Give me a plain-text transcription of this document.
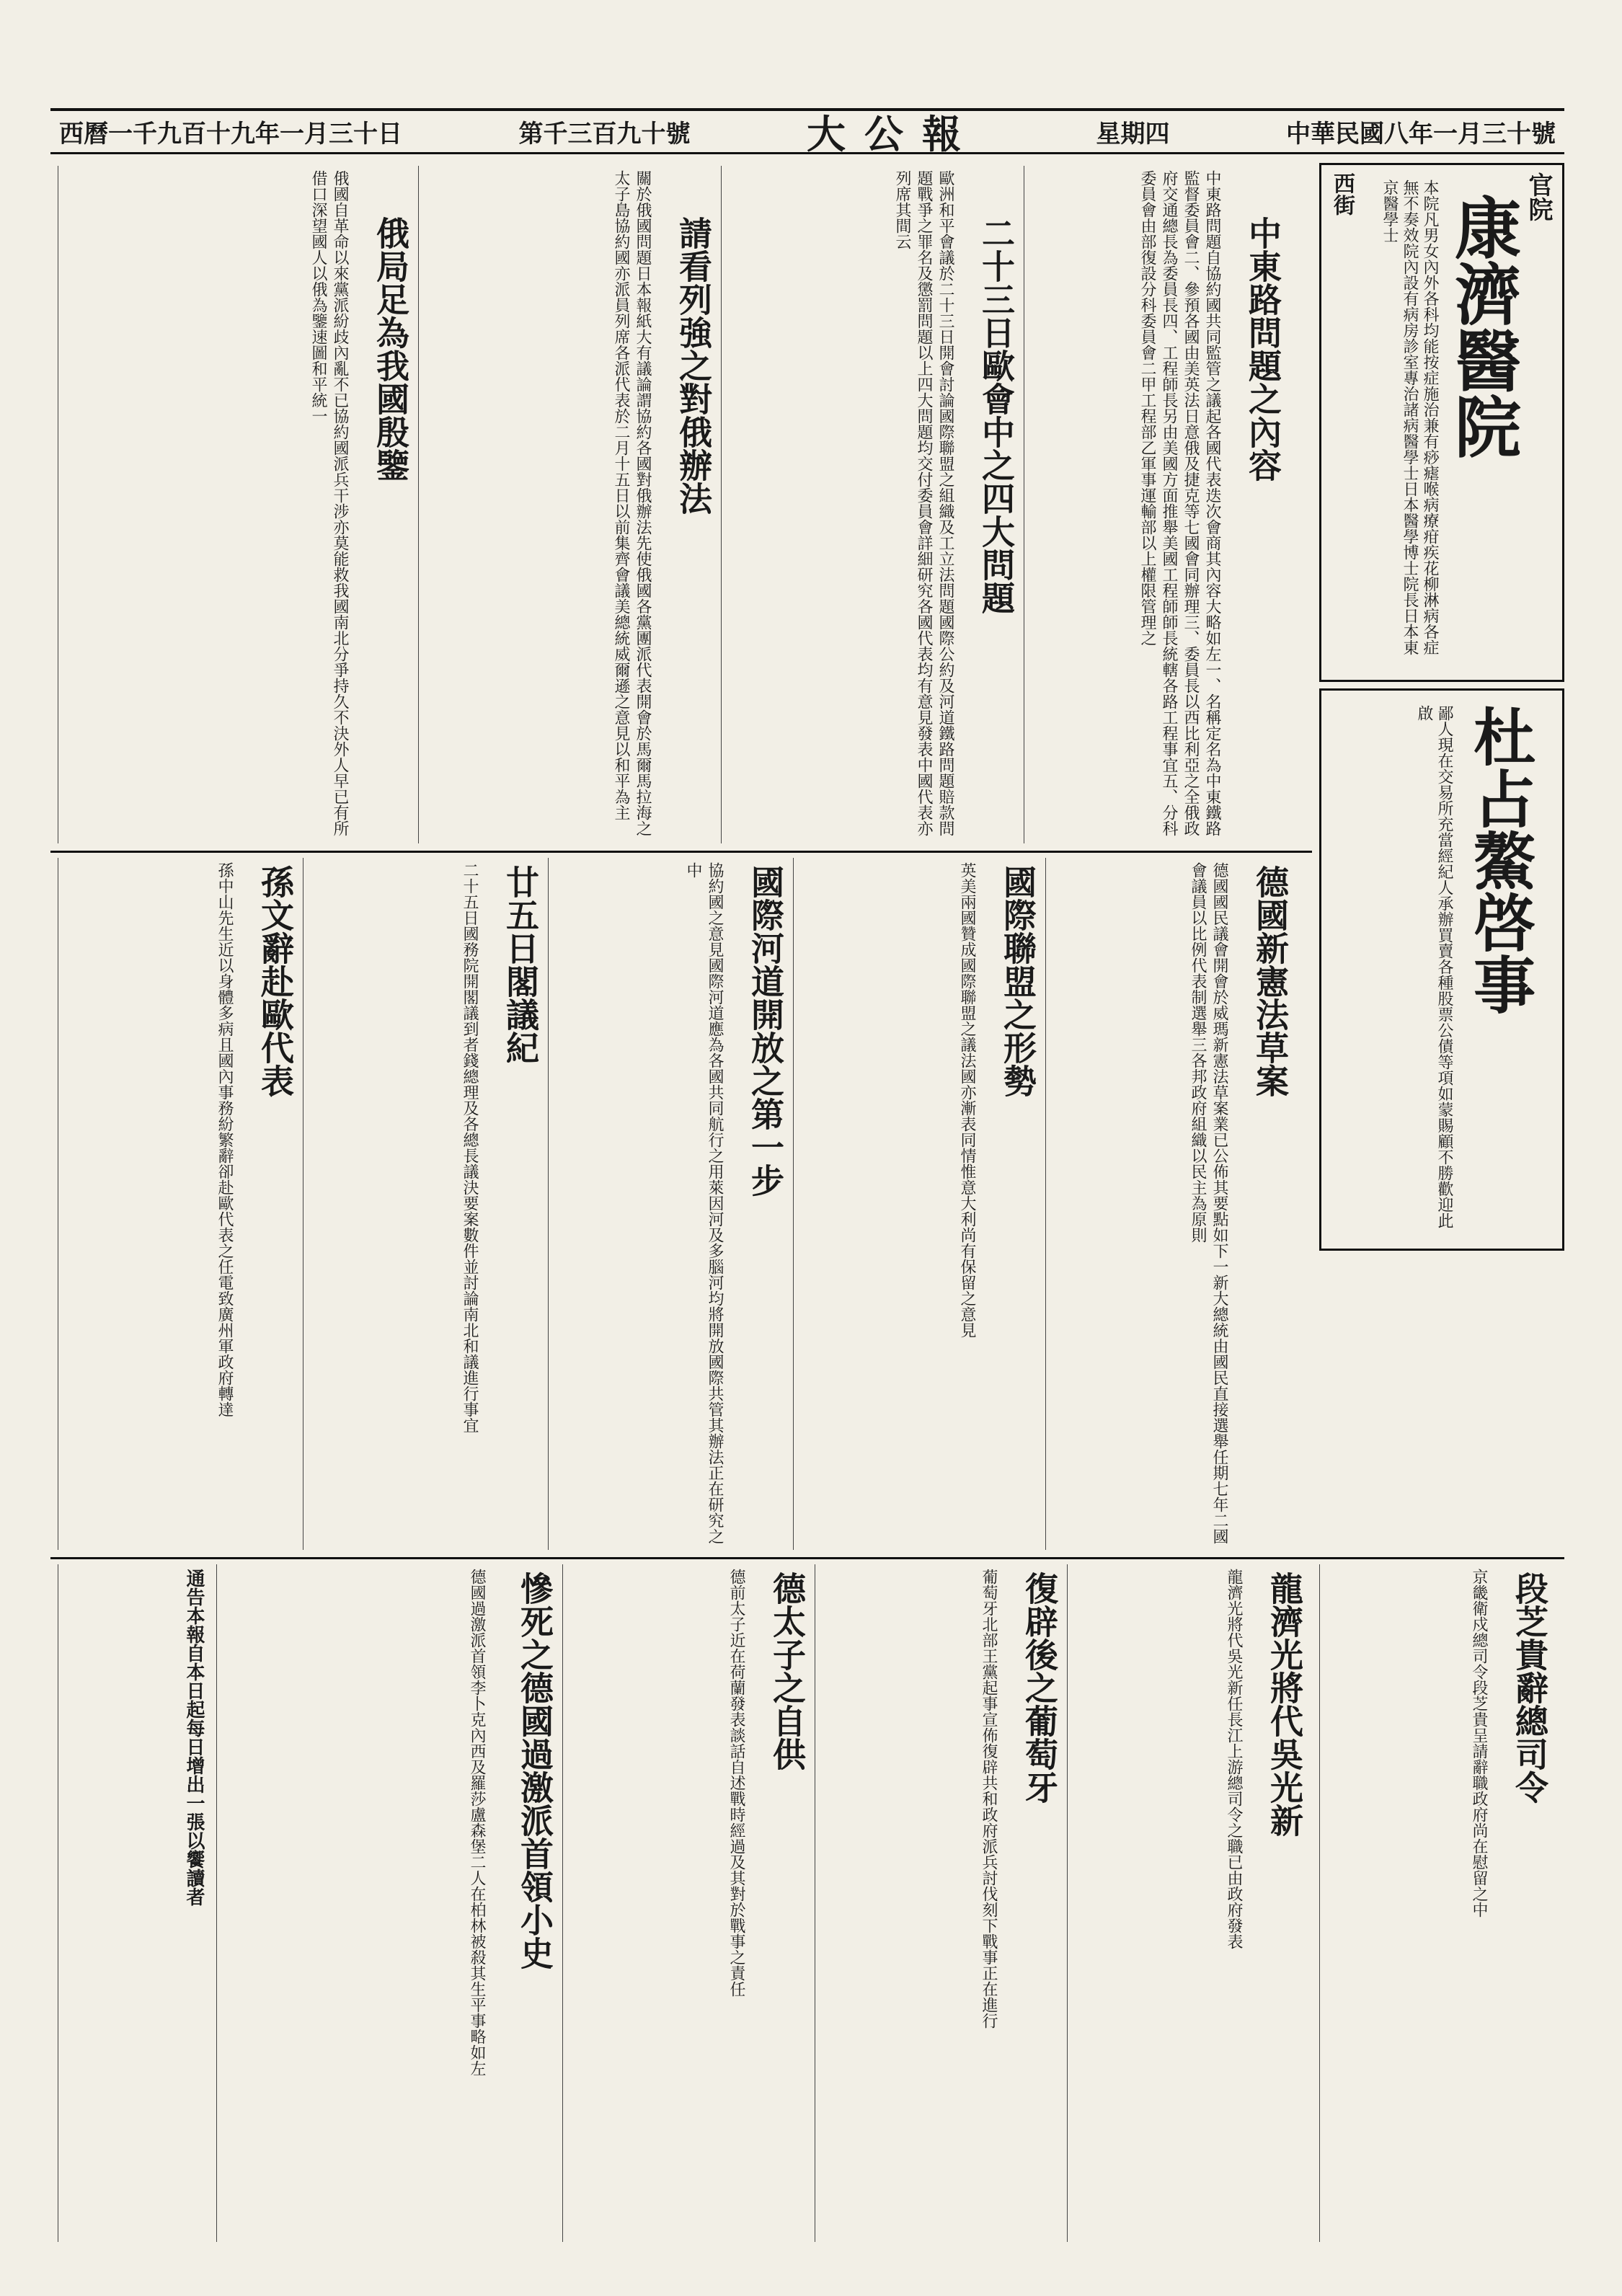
中華民國八年一月三十號
星期四
大公報
第千三百九十號
西曆一千九百十九年一月三十日
官院
康濟醫院
本院凡男女內外各科均能按症施治兼有痧瘧喉病療疳疾花柳淋病各症無不奏效院內設有病房診室專治諸病醫學士日本醫學博士院長日本東京醫學士
西街
杜占鰲啓事
鄙人現在交易所充當經紀人承辦買賣各種股票公債等項如蒙賜顧不勝歡迎此啟
中東路問題之內容
中東路問題自協約國共同監管之議起各國代表迭次會商其內容大略如左一、名稱定名為中東鐵路監督委員會二、參預各國由美英法日意俄及捷克等七國會同辦理三、委員長以西比利亞之全俄政府交通總長為委員長四、工程師長另由美國方面推舉美國工程師師長統轄各路工程事宜五、分科委員會由部復設分科委員會二甲工程部乙軍事運輸部以上權限管理之
二十三日歐會中之四大問題
歐洲和平會議於二十三日開會討論國際聯盟之組織及工立法問題國際公約及河道鐵路問題賠款問題戰爭之罪名及懲罰問題以上四大問題均交付委員會詳細研究各國代表均有意見發表中國代表亦列席其間云
請看列強之對俄辦法
關於俄國問題日本報紙大有議論謂協約各國對俄辦法先使俄國各黨團派代表開會於馬爾馬拉海之太子島協約國亦派員列席各派代表於二月十五日以前集齊會議美總統威爾遜之意見以和平為主
俄局足為我國殷鑒
俄國自革命以來黨派紛歧內亂不已協約國派兵干涉亦莫能救我國南北分爭持久不決外人早已有所借口深望國人以俄為鑒速圖和平統一
德國新憲法草案
德國國民議會開會於威瑪新憲法草案業已公佈其要點如下一新大總統由國民直接選舉任期七年二國會議員以比例代表制選舉三各邦政府組織以民主為原則
國際聯盟之形勢
英美兩國贊成國際聯盟之議法國亦漸表同情惟意大利尚有保留之意見
國際河道開放之第一步
協約國之意見國際河道應為各國共同航行之用萊因河及多腦河均將開放國際共管其辦法正在研究之中
廿五日閣議紀
二十五日國務院開閣議到者錢總理及各總長議決要案數件並討論南北和議進行事宜
孫文辭赴歐代表
孫中山先生近以身體多病且國內事務紛繁辭卻赴歐代表之任電致廣州軍政府轉達
段芝貴辭總司令
京畿衛戍總司令段芝貴呈請辭職政府尚在慰留之中
龍濟光將代吳光新
龍濟光將代吳光新任長江上游總司令之職已由政府發表
復辟後之葡萄牙
葡萄牙北部王黨起事宣佈復辟共和政府派兵討伐刻下戰事正在進行
德太子之自供
德前太子近在荷蘭發表談話自述戰時經過及其對於戰事之責任
慘死之德國過激派首領小史
德國過激派首領李卜克內西及羅莎盧森堡二人在柏林被殺其生平事略如左
通告本報自本日起每日增出一張以饗讀者
